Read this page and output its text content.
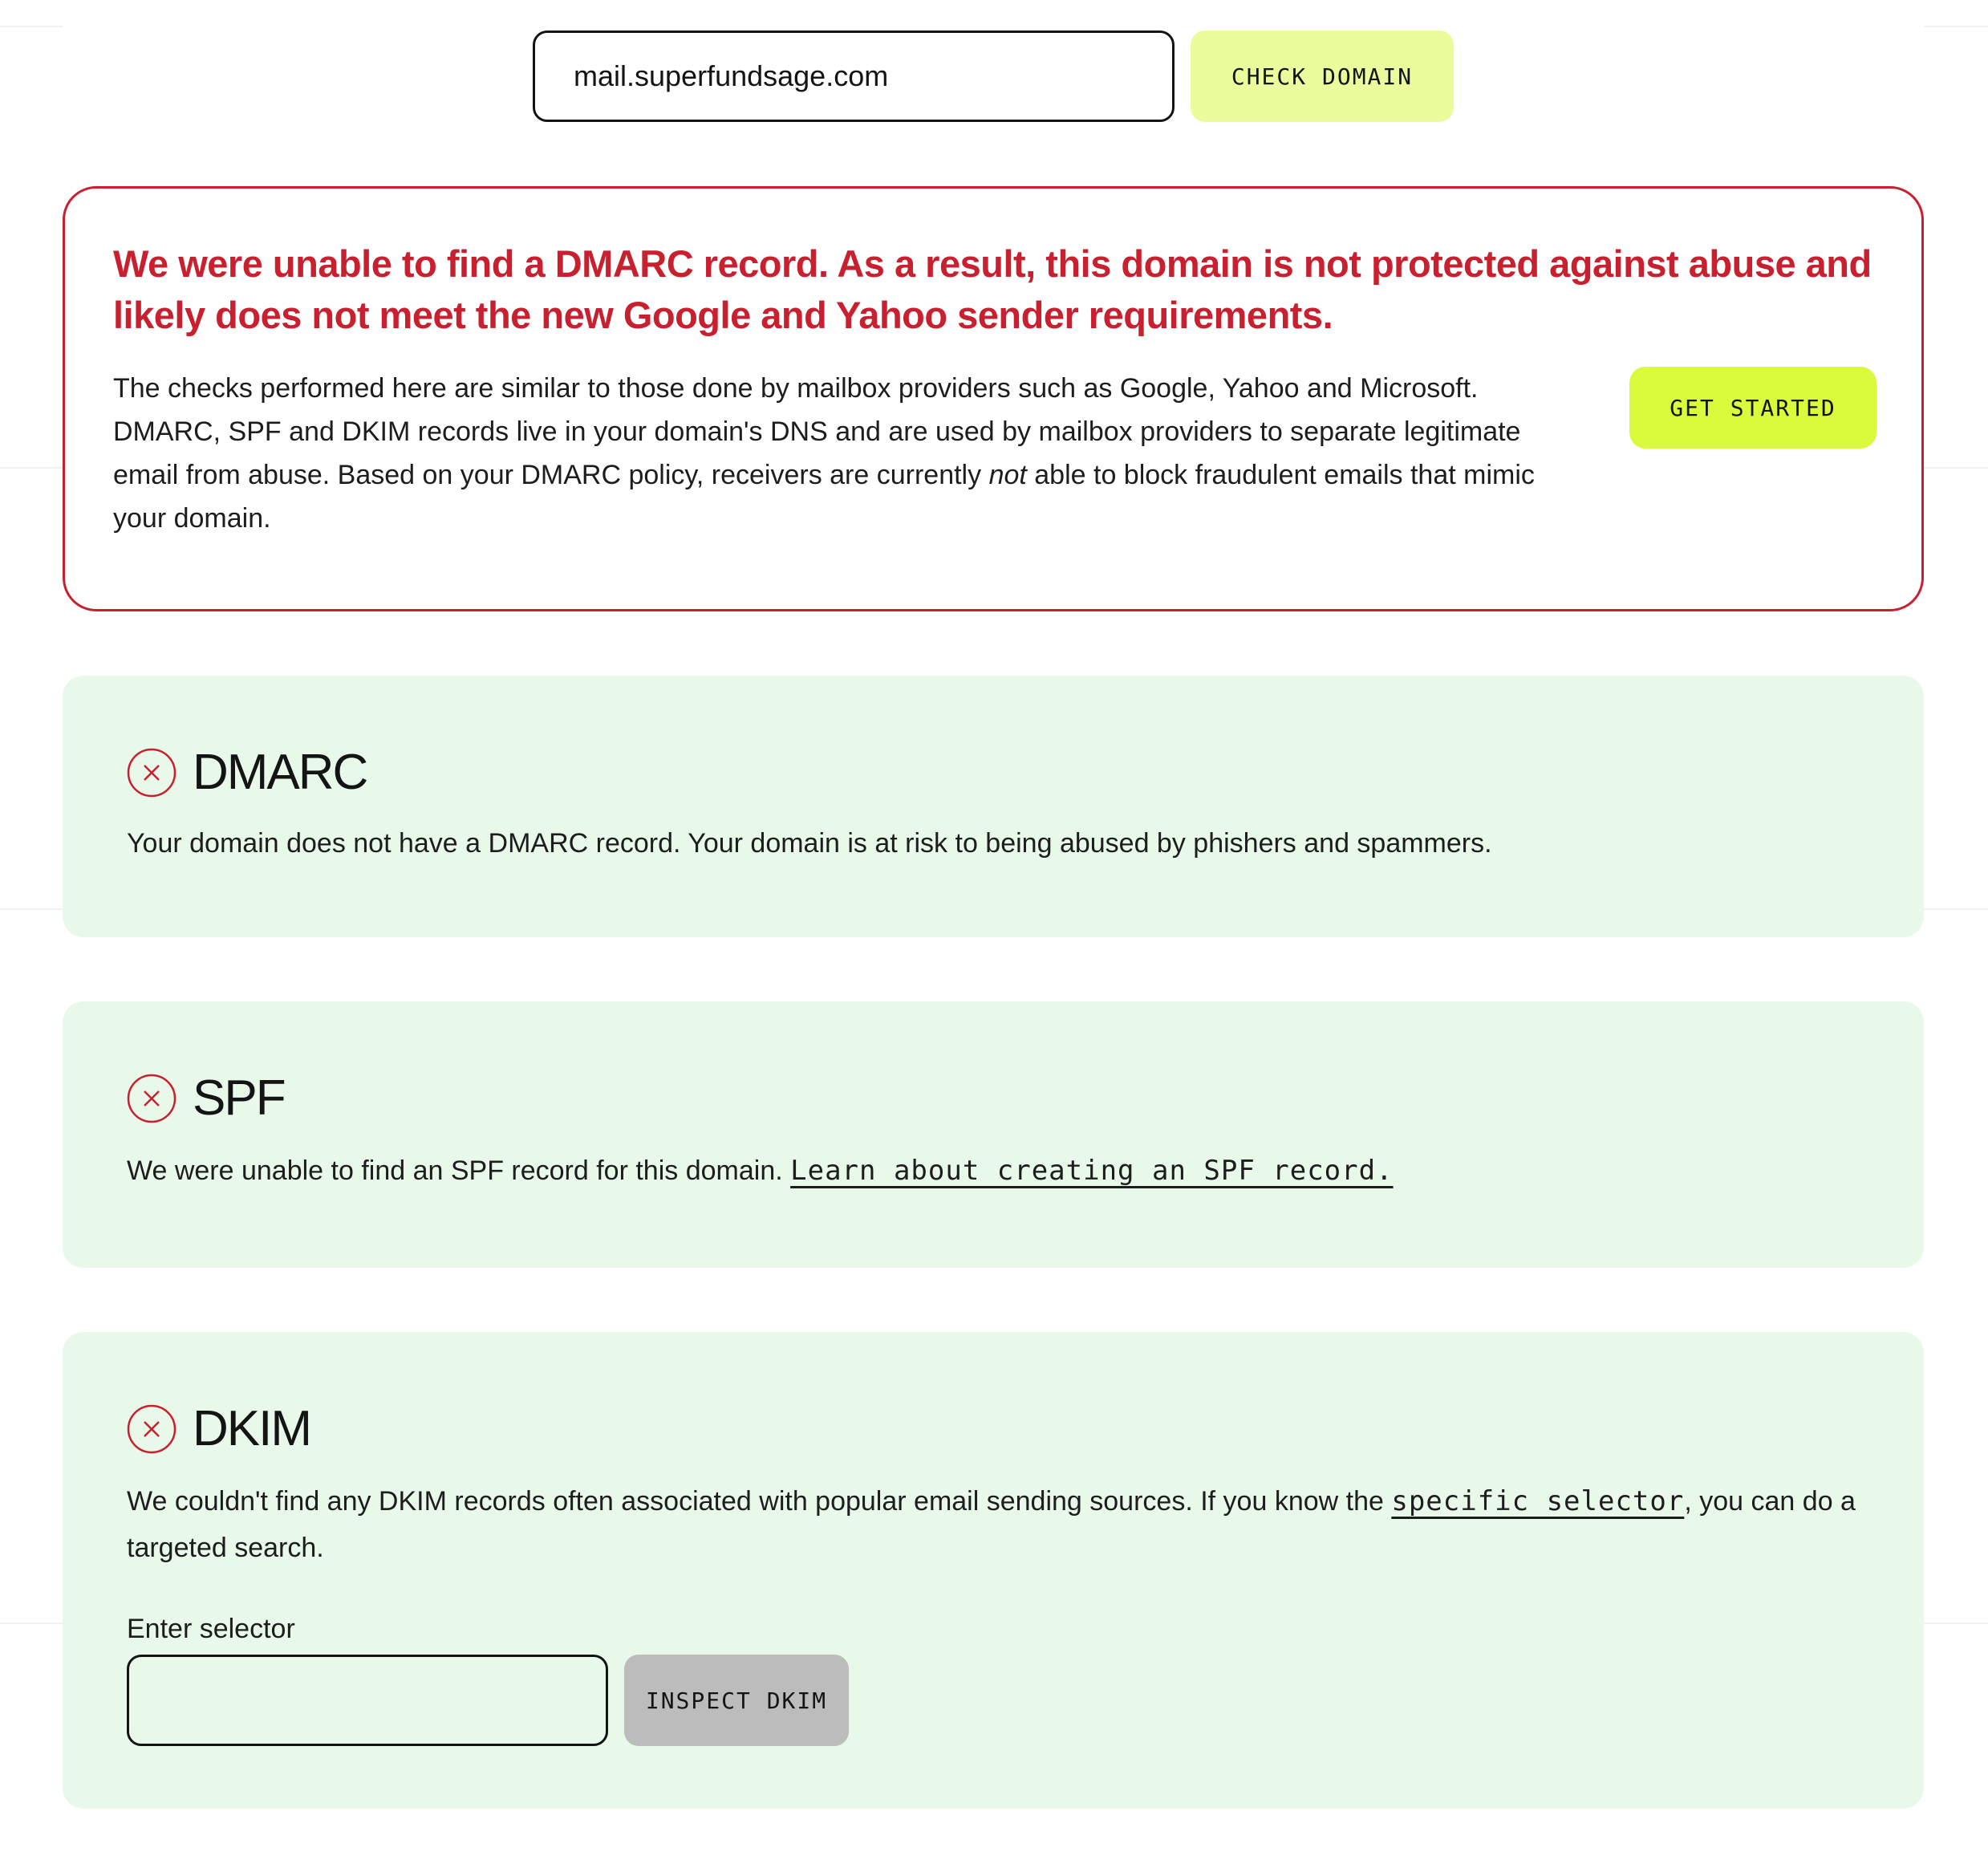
mail.superfundsage.com
CHECK DOMAIN
We were unable to find a DMARC record. As a result, this domain is not protected against abuse and likely does not meet the new Google and Yahoo sender requirements.

The checks performed here are similar to those done by mailbox providers such as Google, Yahoo and Microsoft. DMARC, SPF and DKIM records live in your domain's DNS and are used by mailbox providers to separate legitimate email from abuse. Based on your DMARC policy, receivers are currently not able to block fraudulent emails that mimic your domain.

GET STARTED
DMARC

Your domain does not have a DMARC record. Your domain is at risk to being abused by phishers and spammers.

SPF

We were unable to find an SPF record for this domain. Learn about creating an SPF record.

DKIM

We couldn't find any DKIM records often associated with popular email sending sources. If you know the specific selector, you can do a targeted search.

Enter selector
INSPECT DKIM
